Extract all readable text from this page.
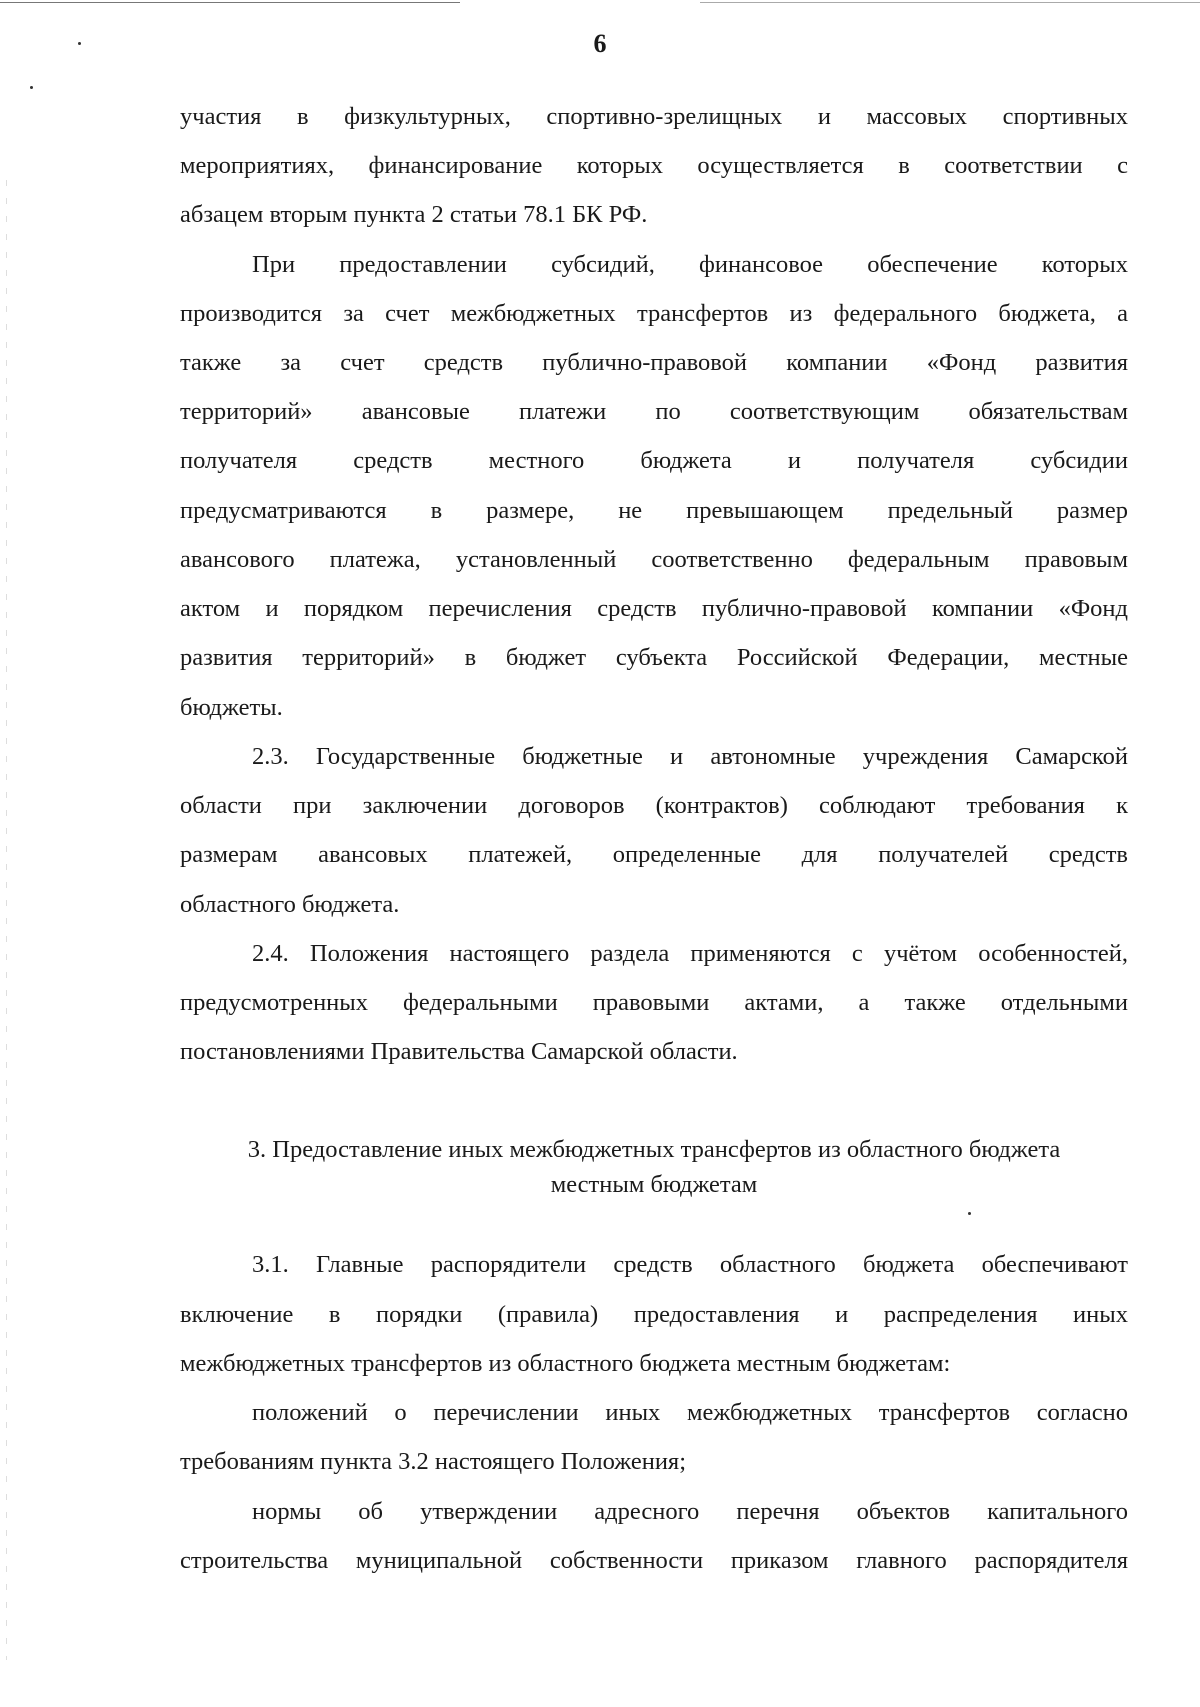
6
участия в физкультурных, спортивно-зрелищных и массовых спортивных
мероприятиях, финансирование которых осуществляется в соответствии с
абзацем вторым пункта 2 статьи 78.1 БК РФ.
При предоставлении субсидий, финансовое обеспечение которых
производится за счет межбюджетных трансфертов из федерального бюджета, а
также за счет средств публично-правовой компании «Фонд развития
территорий» авансовые платежи по соответствующим обязательствам
получателя средств местного бюджета и получателя субсидии
предусматриваются в размере, не превышающем предельный размер
авансового платежа, установленный соответственно федеральным правовым
актом и порядком перечисления средств публично-правовой компании «Фонд
развития территорий» в бюджет субъекта Российской Федерации, местные
бюджеты.
2.3. Государственные бюджетные и автономные учреждения Самарской
области при заключении договоров (контрактов) соблюдают требования к
размерам авансовых платежей, определенные для получателей средств
областного бюджета.
2.4. Положения настоящего раздела применяются с учётом особенностей,
предусмотренных федеральными правовыми актами, а также отдельными
постановлениями Правительства Самарской области.
3. Предоставление иных межбюджетных трансфертов из областного бюджета
местным бюджетам
3.1. Главные распорядители средств областного бюджета обеспечивают
включение в порядки (правила) предоставления и распределения иных
межбюджетных трансфертов из областного бюджета местным бюджетам:
положений о перечислении иных межбюджетных трансфертов согласно
требованиям пункта 3.2 настоящего Положения;
нормы об утверждении адресного перечня объектов капитального
строительства муниципальной собственности приказом главного распорядителя
